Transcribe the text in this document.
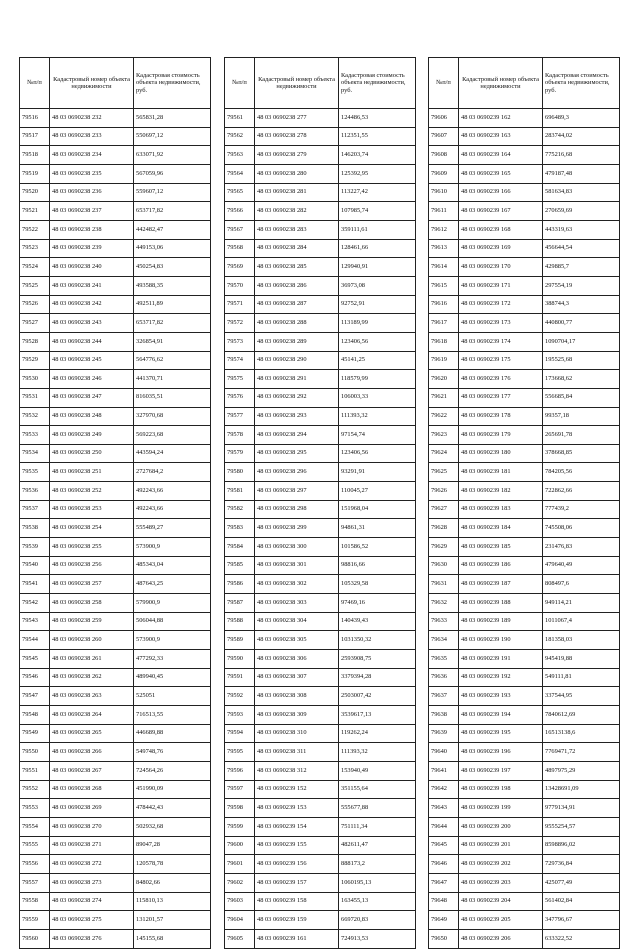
№п/п	Кадастровый номер объекта недвижимости	Кадастровая стоимость объекта недвижимости, руб.
79516	48 03 0690238 232	565831,28
79517	48 03 0690238 233	550697,12
79518	48 03 0690238 234	633071,92
79519	48 03 0690238 235	567059,96
79520	48 03 0690238 236	559607,12
79521	48 03 0690238 237	653717,82
79522	48 03 0690238 238	442482,47
79523	48 03 0690238 239	449153,06
79524	48 03 0690238 240	450254,83
79525	48 03 0690238 241	493588,35
79526	48 03 0690238 242	492511,89
79527	48 03 0690238 243	653717,82
79528	48 03 0690238 244	326854,91
79529	48 03 0690238 245	564776,62
79530	48 03 0690238 246	441370,71
79531	48 03 0690238 247	816035,51
79532	48 03 0690238 248	327970,68
79533	48 03 0690238 249	569223,68
79534	48 03 0690238 250	443594,24
79535	48 03 0690238 251	2727684,2
79536	48 03 0690238 252	492243,66
79537	48 03 0690238 253	492243,66
79538	48 03 0690238 254	555489,27
79539	48 03 0690238 255	573900,9
79540	48 03 0690238 256	485343,04
79541	48 03 0690238 257	487643,25
79542	48 03 0690238 258	579900,9
79543	48 03 0690238 259	506044,88
79544	48 03 0690238 260	573900,9
79545	48 03 0690238 261	477292,33
79546	48 03 0690238 262	489940,45
79547	48 03 0690238 263	525051
79548	48 03 0690238 264	716513,55
79549	48 03 0690238 265	446689,88
79550	48 03 0690238 266	549748,76
79551	48 03 0690238 267	724564,26
79552	48 03 0690238 268	451990,09
79553	48 03 0690238 269	478442,43
79554	48 03 0690238 270	502932,68
79555	48 03 0690238 271	89047,28
79556	48 03 0690238 272	120578,78
79557	48 03 0690238 273	84802,66
79558	48 03 0690238 274	115810,13
79559	48 03 0690238 275	131201,57
79560	48 03 0690238 276	145155,68
№п/п	Кадастровый номер объекта недвижимости	Кадастровая стоимость объекта недвижимости, руб.
79561	48 03 0690238 277	124486,53
79562	48 03 0690238 278	112351,55
79563	48 03 0690238 279	146203,74
79564	48 03 0690238 280	125392,95
79565	48 03 0690238 281	113227,42
79566	48 03 0690238 282	107985,74
79567	48 03 0690238 283	359111,61
79568	48 03 0690238 284	128461,66
79569	48 03 0690238 285	129940,91
79570	48 03 0690238 286	36973,08
79571	48 03 0690238 287	92752,91
79572	48 03 0690238 288	113189,99
79573	48 03 0690238 289	123406,56
79574	48 03 0690238 290	45141,25
79575	48 03 0690238 291	118579,99
79576	48 03 0690238 292	106003,33
79577	48 03 0690238 293	111393,32
79578	48 03 0690238 294	97154,74
79579	48 03 0690238 295	123406,56
79580	48 03 0690238 296	93291,91
79581	48 03 0690238 297	110045,27
79582	48 03 0690238 298	151968,04
79583	48 03 0690238 299	94861,31
79584	48 03 0690238 300	101586,52
79585	48 03 0690238 301	98816,66
79586	48 03 0690238 302	105329,58
79587	48 03 0690238 303	97469,16
79588	48 03 0690238 304	140439,43
79589	48 03 0690238 305	1031350,32
79590	48 03 0690238 306	2593908,75
79591	48 03 0690238 307	3379394,28
79592	48 03 0690238 308	2503007,42
79593	48 03 0690238 309	3539617,13
79594	48 03 0690238 310	119262,24
79595	48 03 0690238 311	111393,32
79596	48 03 0690238 312	153940,49
79597	48 03 0690239 152	351155,64
79598	48 03 0690239 153	555677,88
79599	48 03 0690239 154	751111,34
79600	48 03 0690239 155	482611,47
79601	48 03 0690239 156	888173,2
79602	48 03 0690239 157	1060195,13
79603	48 03 0690239 158	163455,13
79604	48 03 0690239 159	669720,83
79605	48 03 0690239 161	724913,53
№п/п	Кадастровый номер объекта недвижимости	Кадастровая стоимость объекта недвижимости, руб.
79606	48 03 0690239 162	696489,3
79607	48 03 0690239 163	283744,02
79608	48 03 0690239 164	775216,68
79609	48 03 0690239 165	479187,48
79610	48 03 0690239 166	581634,83
79611	48 03 0690239 167	270659,69
79612	48 03 0690239 168	443319,63
79613	48 03 0690239 169	456644,54
79614	48 03 0690239 170	429885,7
79615	48 03 0690239 171	297554,19
79616	48 03 0690239 172	388744,3
79617	48 03 0690239 173	440800,77
79618	48 03 0690239 174	1090704,17
79619	48 03 0690239 175	195525,68
79620	48 03 0690239 176	173668,62
79621	48 03 0690239 177	556685,84
79622	48 03 0690239 178	99357,18
79623	48 03 0690239 179	265691,78
79624	48 03 0690239 180	378668,85
79625	48 03 0690239 181	784205,56
79626	48 03 0690239 182	722862,66
79627	48 03 0690239 183	777439,2
79628	48 03 0690239 184	745508,06
79629	48 03 0690239 185	231476,83
79630	48 03 0690239 186	479640,49
79631	48 03 0690239 187	808497,6
79632	48 03 0690239 188	949114,21
79633	48 03 0690239 189	1011067,4
79634	48 03 0690239 190	181358,03
79635	48 03 0690239 191	945419,88
79636	48 03 0690239 192	549111,81
79637	48 03 0690239 193	337544,95
79638	48 03 0690239 194	7840612,69
79639	48 03 0690239 195	16513138,6
79640	48 03 0690239 196	7769471,72
79641	48 03 0690239 197	4897975,29
79642	48 03 0690239 198	13428691,09
79643	48 03 0690239 199	9779134,91
79644	48 03 0690239 200	9555254,57
79645	48 03 0690239 201	8598896,02
79646	48 03 0690239 202	729736,84
79647	48 03 0690239 203	425077,49
79648	48 03 0690239 204	561402,84
79649	48 03 0690239 205	347796,67
79650	48 03 0690239 206	633322,52
